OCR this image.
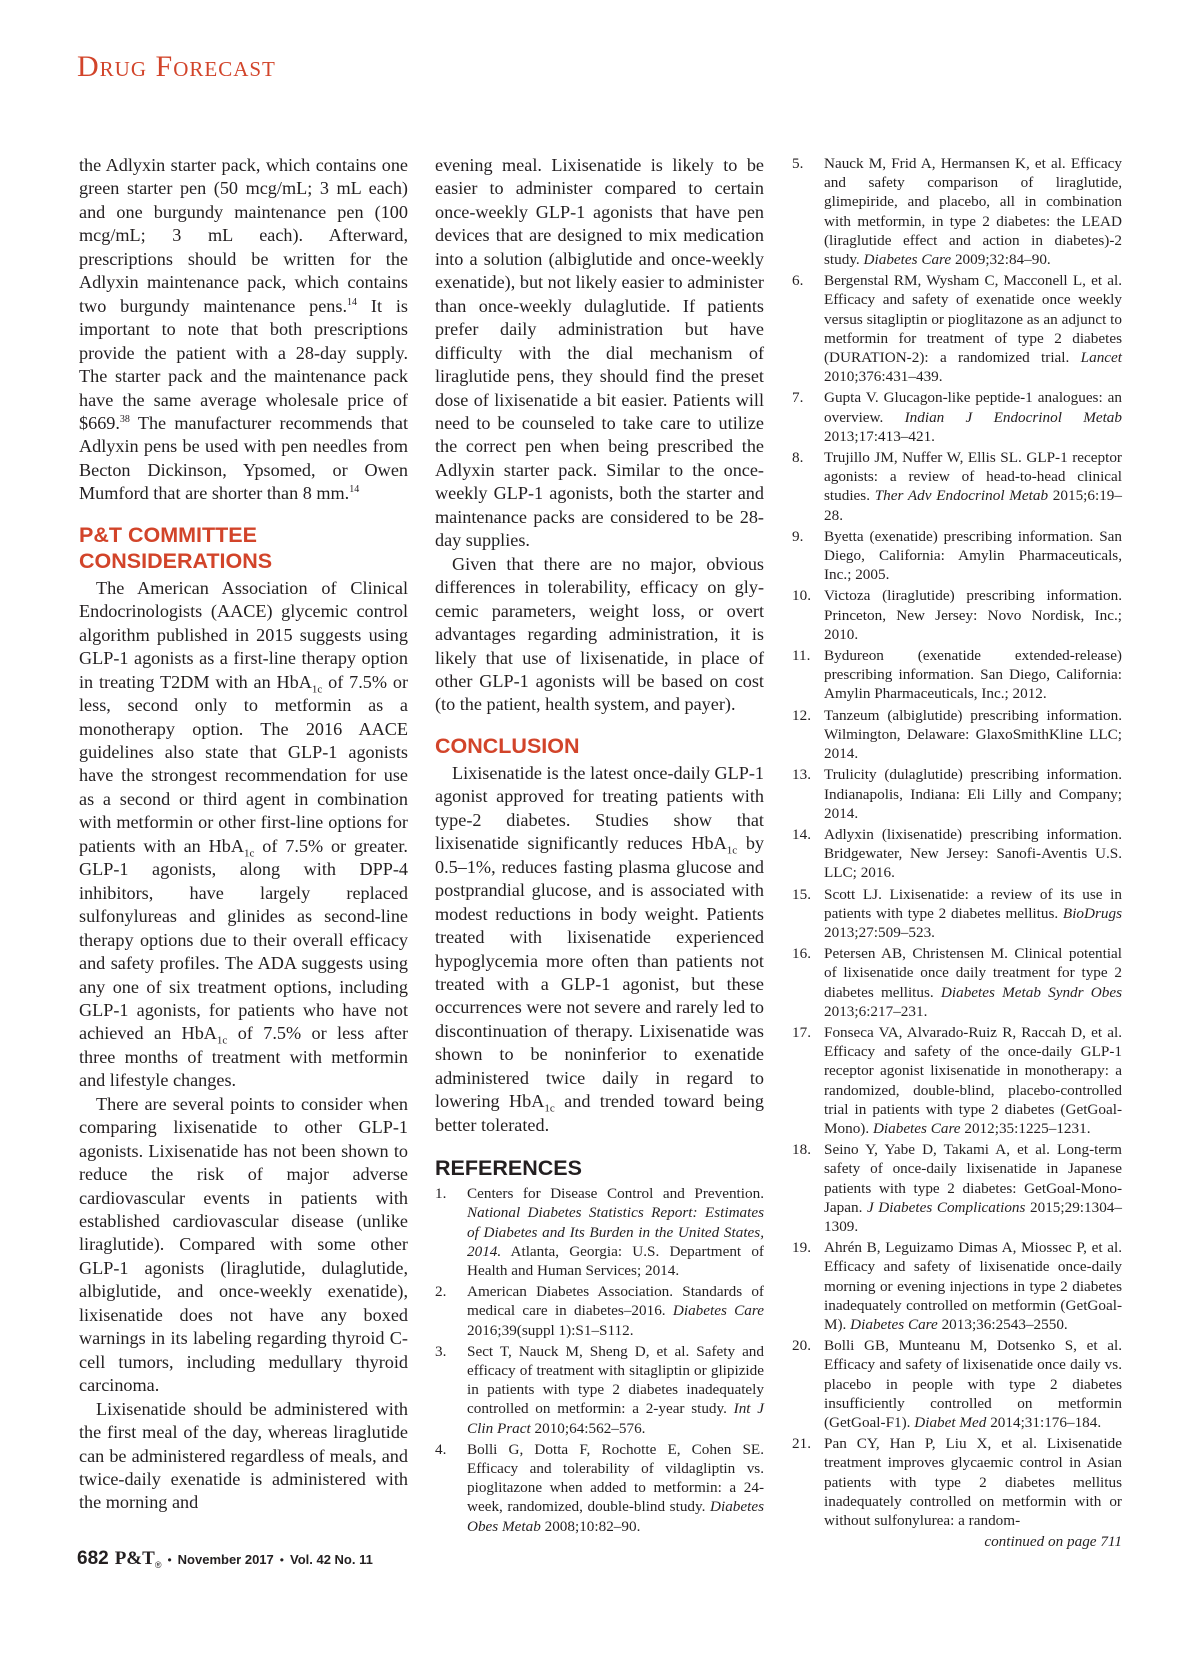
Drug Forecast

the Adlyxin starter pack, which contains one green starter pen (50 mcg/mL; 3 mL each) and one burgundy maintenance pen (100 mcg/mL; 3 mL each). Afterward, prescriptions should be written for the Adlyxin maintenance pack, which contains two burgundy maintenance pens.$^{14}$ It is important to note that both prescriptions provide the patient with a 28-day supply. The starter pack and the maintenance pack have the same average wholesale price of $669.38 The manufacturer recommends that Adlyxin pens be used with pen needles from Becton Dickinson, Ypsomed, or Owen Mumford that are shorter than 8 mm.$^{14}$

P&T COMMITTEE CONSIDERATIONS

The American Association of Clinical Endocrinologists (AACE) glycemic control algorithm published in 2015 suggests using GLP-1 agonists as a first-line therapy option in treating T2DM with an HbA$_{1c}$ of 7.5% or less, second only to metformin as a monotherapy option. The 2016 AACE guidelines also state that GLP-1 agonists have the strongest recommendation for use as a second or third agent in combination with metformin or other first-line options for patients with an HbA$_{1c}$ of 7.5% or greater. GLP-1 agonists, along with DPP-4 inhibitors, have largely replaced sulfonylureas and glinides as second-line therapy options due to their overall efficacy and safety profiles. The ADA suggests using any one of six treatment options, including GLP-1 agonists, for patients who have not achieved an HbA$_{1c}$ of 7.5% or less after three months of treatment with metformin and lifestyle changes.

There are several points to consider when comparing lixisenatide to other GLP-1 agonists. Lixisenatide has not been shown to reduce the risk of major adverse cardiovascular events in patients with established cardiovascular disease (unlike liraglutide). Compared with some other GLP-1 agonists (liraglutide, dulaglutide, albiglutide, and once-weekly exenatide), lixisenatide does not have any boxed warnings in its labeling regarding thyroid C-cell tumors, including medullary thyroid carcinoma.

Lixisenatide should be administered with the first meal of the day, whereas liraglutide can be administered regardless of meals, and twice-daily exenatide is administered with the morning and

evening meal. Lixisenatide is likely to be easier to administer compared to certain once-weekly GLP-1 agonists that have pen devices that are designed to mix medication into a solution (albiglutide and once-weekly exenatide), but not likely easier to administer than once-weekly dulaglutide. If patients prefer daily administration but have difficulty with the dial mechanism of liraglutide pens, they should find the preset dose of lixisenatide a bit easier. Patients will need to be counseled to take care to utilize the correct pen when being prescribed the Adlyxin starter pack. Similar to the once-weekly GLP-1 agonists, both the starter and maintenance packs are considered to be 28-day supplies.

Given that there are no major, obvious differences in tolerability, efficacy on glycemic parameters, weight loss, or overt advantages regarding administration, it is likely that use of lixisenatide, in place of other GLP-1 agonists will be based on cost (to the patient, health system, and payer).

CONCLUSION

Lixisenatide is the latest once-daily GLP-1 agonist approved for treating patients with type-2 diabetes. Studies show that lixisenatide significantly reduces HbA$_{1c}$ by 0.5–1%, reduces fasting plasma glucose and postprandial glucose, and is associated with modest reductions in body weight. Patients treated with lixisenatide experienced hypoglycemia more often than patients not treated with a GLP-1 agonist, but these occurrences were not severe and rarely led to discontinuation of therapy. Lixisenatide was shown to be noninferior to exenatide administered twice daily in regard to lowering HbA$_{1c}$ and trended toward being better tolerated.

REFERENCES
1. Centers for Disease Control and Prevention. National Diabetes Statistics Report: Estimates of Diabetes and Its Burden in the United States, 2014. Atlanta, Georgia: U.S. Department of Health and Human Services; 2014.
2. American Diabetes Association. Standards of medical care in diabetes–2016. Diabetes Care 2016;39(suppl 1):S1–S112.
3. Sect T, Nauck M, Sheng D, et al. Safety and efficacy of treatment with sitagliptin or glipizide in patients with type 2 diabetes inadequately controlled on metformin: a 2-year study. Int J Clin Pract 2010;64:562–576.
4. Bolli G, Dotta F, Rochotte E, Cohen SE. Efficacy and tolerability of vildagliptin vs. pioglitazone when added to metformin: a 24-week, randomized, double-blind study. Diabetes Obes Metab 2008;10:82–90.
5. Nauck M, Frid A, Hermansen K, et al. Efficacy and safety comparison of liraglutide, glimepiride, and placebo, all in combination with metformin, in type 2 diabetes: the LEAD (liraglutide effect and action in diabetes)-2 study. Diabetes Care 2009;32:84–90.
6. Bergenstal RM, Wysham C, Macconell L, et al. Efficacy and safety of exenatide once weekly versus sitagliptin or pioglitazone as an adjunct to metformin for treatment of type 2 diabetes (DURATION-2): a randomized trial. Lancet 2010;376:431–439.
7. Gupta V. Glucagon-like peptide-1 analogues: an overview. Indian J Endocrinol Metab 2013;17:413–421.
8. Trujillo JM, Nuffer W, Ellis SL. GLP-1 receptor agonists: a review of head-to-head clinical studies. Ther Adv Endocrinol Metab 2015;6:19–28.
9. Byetta (exenatide) prescribing information. San Diego, California: Amylin Pharmaceuticals, Inc.; 2005.
10. Victoza (liraglutide) prescribing information. Princeton, New Jersey: Novo Nordisk, Inc.; 2010.
11. Bydureon (exenatide extended-release) prescribing information. San Diego, California: Amylin Pharmaceuticals, Inc.; 2012.
12. Tanzeum (albiglutide) prescribing information. Wilmington, Delaware: GlaxoSmithKline LLC; 2014.
13. Trulicity (dulaglutide) prescribing information. Indianapolis, Indiana: Eli Lilly and Company; 2014.
14. Adlyxin (lixisenatide) prescribing information. Bridgewater, New Jersey: Sanofi-Aventis U.S. LLC; 2016.
15. Scott LJ. Lixisenatide: a review of its use in patients with type 2 diabetes mellitus. BioDrugs 2013;27:509–523.
16. Petersen AB, Christensen M. Clinical potential of lixisenatide once daily treatment for type 2 diabetes mellitus. Diabetes Metab Syndr Obes 2013;6:217–231.
17. Fonseca VA, Alvarado-Ruiz R, Raccah D, et al. Efficacy and safety of the once-daily GLP-1 receptor agonist lixisenatide in monotherapy: a randomized, double-blind, placebo-controlled trial in patients with type 2 diabetes (GetGoal-Mono). Diabetes Care 2012;35:1225–1231.
18. Seino Y, Yabe D, Takami A, et al. Long-term safety of once-daily lixisenatide in Japanese patients with type 2 diabetes: GetGoal-Mono-Japan. J Diabetes Complications 2015;29:1304–1309.
19. Ahrén B, Leguizamo Dimas A, Miossec P, et al. Efficacy and safety of lixisenatide once-daily morning or evening injections in type 2 diabetes inadequately controlled on metformin (GetGoal-M). Diabetes Care 2013;36:2543–2550.
20. Bolli GB, Munteanu M, Dotsenko S, et al. Efficacy and safety of lixisenatide once daily vs. placebo in people with type 2 diabetes insufficiently controlled on metformin (GetGoal-F1). Diabet Med 2014;31:176–184.
21. Pan CY, Han P, Liu X, et al. Lixisenatide treatment improves glycaemic control in Asian patients with type 2 diabetes mellitus inadequately controlled on metformin with or without sulfonylurea: a random-
continued on page 711
682 $P\&T_®$ • November 2017 • Vol. 42 No. 11
